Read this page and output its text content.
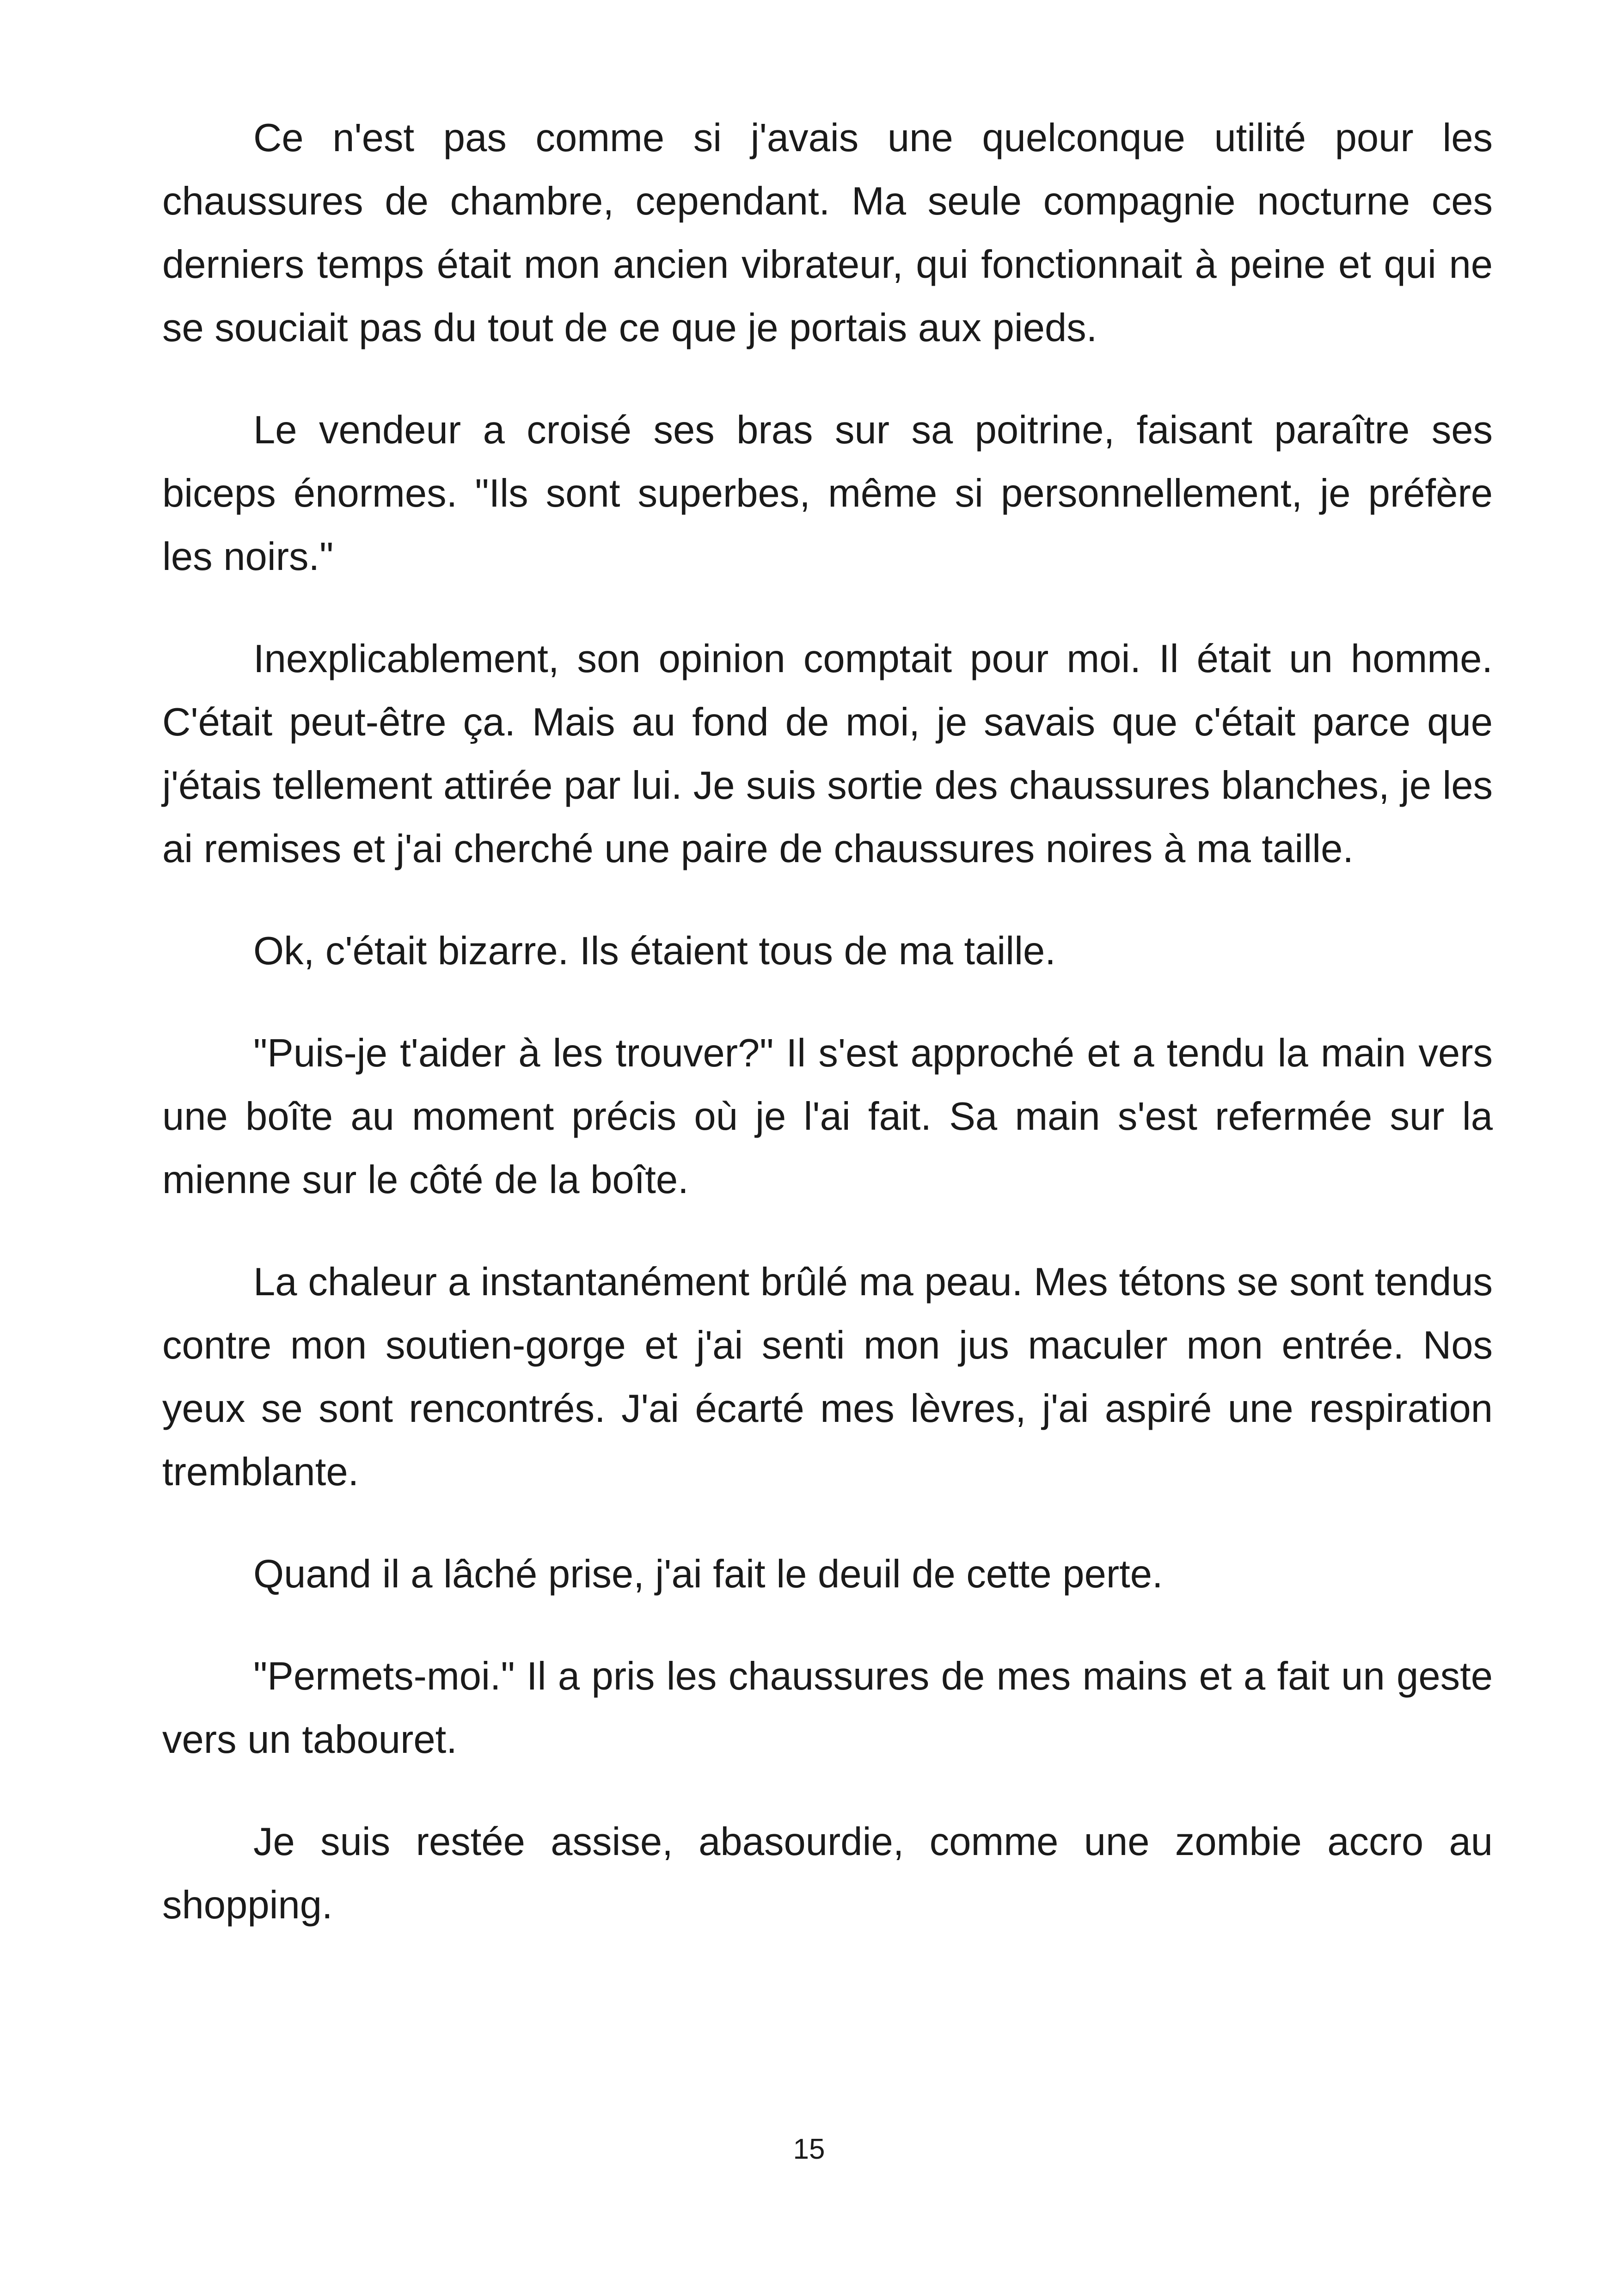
Ce n'est pas comme si j'avais une quelconque utilité pour les chaussures de chambre, cependant. Ma seule compagnie nocturne ces derniers temps était mon ancien vibrateur, qui fonctionnait à peine et qui ne se souciait pas du tout de ce que je portais aux pieds.

Le vendeur a croisé ses bras sur sa poitrine, faisant paraître ses biceps énormes. "Ils sont superbes, même si personnellement, je préfère les noirs."

Inexplicablement, son opinion comptait pour moi. Il était un homme. C'était peut-être ça. Mais au fond de moi, je savais que c'était parce que j'étais tellement attirée par lui. Je suis sortie des chaussures blanches, je les ai remises et j'ai cherché une paire de chaussures noires à ma taille.

Ok, c'était bizarre. Ils étaient tous de ma taille.

"Puis-je t'aider à les trouver?" Il s'est approché et a tendu la main vers une boîte au moment précis où je l'ai fait. Sa main s'est refermée sur la mienne sur le côté de la boîte.

La chaleur a instantanément brûlé ma peau. Mes tétons se sont tendus contre mon soutien-gorge et j'ai senti mon jus maculer mon entrée. Nos yeux se sont rencontrés. J'ai écarté mes lèvres, j'ai aspiré une respiration tremblante.

Quand il a lâché prise, j'ai fait le deuil de cette perte.

"Permets-moi." Il a pris les chaussures de mes mains et a fait un geste vers un tabouret.

Je suis restée assise, abasourdie, comme une zombie accro au shopping.

15
